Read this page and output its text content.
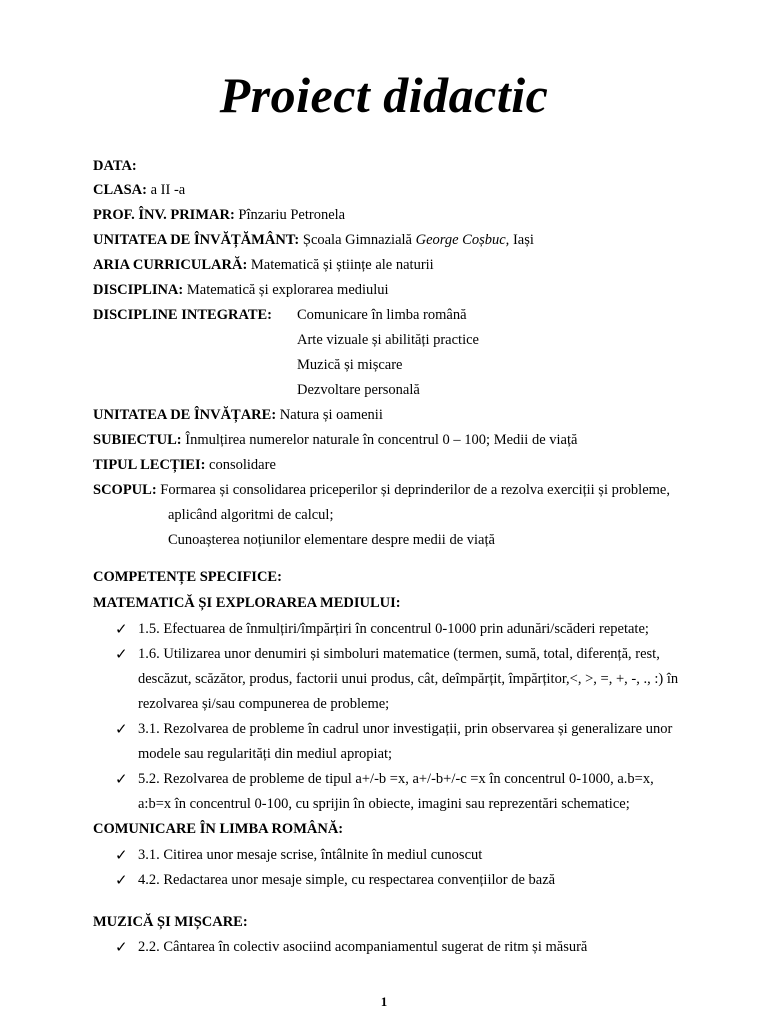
Proiect didactic
DATA:
CLASA: a II -a
PROF. ÎNV. PRIMAR: Pînzariu Petronela
UNITATEA DE ÎNVĂȚĂMÂNT: Școala Gimnazială George Coșbuc, Iași
ARIA CURRICULARĂ: Matematică și științe ale naturii
DISCIPLINA: Matematică și explorarea mediului
DISCIPLINE INTEGRATE: Comunicare în limba română
Arte vizuale și abilități practice
Muzică și mișcare
Dezvoltare personală
UNITATEA DE ÎNVĂȚARE: Natura și oamenii
SUBIECTUL: Înmulțirea numerelor naturale în concentrul 0 – 100; Medii de viață
TIPUL LECȚIEI: consolidare
SCOPUL: Formarea și consolidarea priceperilor și deprinderilor de a rezolva exerciții și probleme,
aplicând algoritmi de calcul;
Cunoașterea noțiunilor elementare despre medii de viață
COMPETENȚE SPECIFICE:
MATEMATICĂ ȘI EXPLORAREA MEDIULUI:
✓ 1.5. Efectuarea de înmulțiri/împărțiri în concentrul 0-1000 prin adunări/scăderi repetate;
✓ 1.6. Utilizarea unor denumiri și simboluri matematice (termen, sumă, total, diferență, rest,
descăzut, scăzător, produs, factorii unui produs, cât, deîmpărțit, împărțitor,<, >, =, +, -, ., :) în
rezolvarea și/sau compunerea de probleme;
✓ 3.1. Rezolvarea de probleme în cadrul unor investigații, prin observarea și generalizare unor
modele sau regularități din mediul apropiat;
✓ 5.2. Rezolvarea de probleme de tipul a+/-b =x, a+/-b+/-c =x în concentrul 0-1000, a.b=x,
a:b=x în concentrul 0-100, cu sprijin în obiecte, imagini sau reprezentări schematice;
COMUNICARE ÎN LIMBA ROMÂNĂ:
✓ 3.1. Citirea unor mesaje scrise, întâlnite în mediul cunoscut
✓ 4.2. Redactarea unor mesaje simple, cu respectarea convențiilor de bază
MUZICĂ ȘI MIȘCARE:
✓ 2.2. Cântarea în colectiv asociind acompaniamentul sugerat de ritm și măsură
1
